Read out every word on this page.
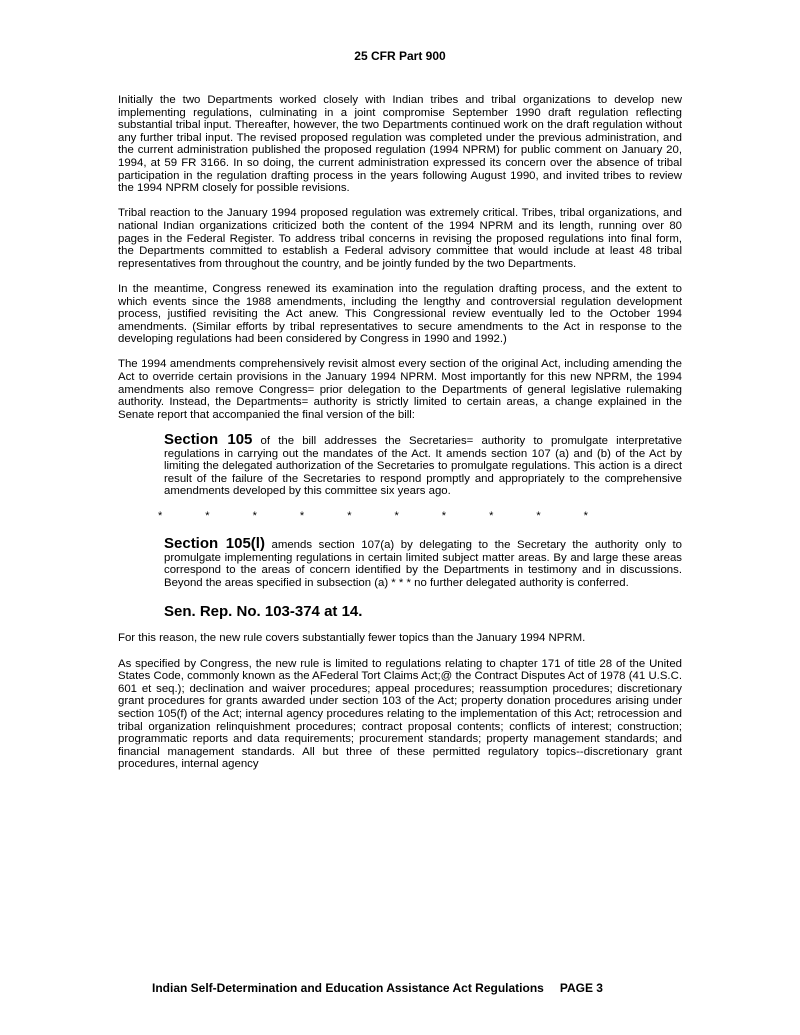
25 CFR Part 900

Initially the two Departments worked closely with Indian tribes and tribal organizations to develop new implementing regulations, culminating in a joint compromise September 1990 draft regulation reflecting substantial tribal input. Thereafter, however, the two Departments continued work on the draft regulation without any further tribal input. The revised proposed regulation was completed under the previous administration, and the current administration published the proposed regulation (1994 NPRM) for public comment on January 20, 1994, at 59 FR 3166. In so doing, the current administration expressed its concern over the absence of tribal participation in the regulation drafting process in the years following August 1990, and invited tribes to review the 1994 NPRM closely for possible revisions.

Tribal reaction to the January 1994 proposed regulation was extremely critical. Tribes, tribal organizations, and national Indian organizations criticized both the content of the 1994 NPRM and its length, running over 80 pages in the Federal Register. To address tribal concerns in revising the proposed regulations into final form, the Departments committed to establish a Federal advisory committee that would include at least 48 tribal representatives from throughout the country, and be jointly funded by the two Departments.

In the meantime, Congress renewed its examination into the regulation drafting process, and the extent to which events since the 1988 amendments, including the lengthy and controversial regulation development process, justified revisiting the Act anew. This Congressional review eventually led to the October 1994 amendments. (Similar efforts by tribal representatives to secure amendments to the Act in response to the developing regulations had been considered by Congress in 1990 and 1992.)

The 1994 amendments comprehensively revisit almost every section of the original Act, including amending the Act to override certain provisions in the January 1994 NPRM. Most importantly for this new NPRM, the 1994 amendments also remove Congress= prior delegation to the Departments of general legislative rulemaking authority. Instead, the Departments= authority is strictly limited to certain areas, a change explained in the Senate report that accompanied the final version of the bill:

Section 105 of the bill addresses the Secretaries= authority to promulgate interpretative regulations in carrying out the mandates of the Act. It amends section 107 (a) and (b) of the Act by limiting the delegated authorization of the Secretaries to promulgate regulations. This action is a direct result of the failure of the Secretaries to respond promptly and appropriately to the comprehensive amendments developed by this committee six years ago.

*	*	*	*	*	*	*	*	*	*

Section 105(l) amends section 107(a) by delegating to the Secretary the authority only to promulgate implementing regulations in certain limited subject matter areas. By and large these areas correspond to the areas of concern identified by the Departments in testimony and in discussions. Beyond the areas specified in subsection (a) * * * no further delegated authority is conferred.

Sen. Rep. No. 103-374 at 14.

For this reason, the new rule covers substantially fewer topics than the January 1994 NPRM.

As specified by Congress, the new rule is limited to regulations relating to chapter 171 of title 28 of the United States Code, commonly known as the AFederal Tort Claims Act;@ the Contract Disputes Act of 1978 (41 U.S.C. 601 et seq.); declination and waiver procedures; appeal procedures; reassumption procedures; discretionary grant procedures for grants awarded under section 103 of the Act; property donation procedures arising under section 105(f) of the Act; internal agency procedures relating to the implementation of this Act; retrocession and tribal organization relinquishment procedures; contract proposal contents; conflicts of interest; construction; programmatic reports and data requirements; procurement standards; property management standards; and financial management standards. All but three of these permitted regulatory topics--discretionary grant procedures, internal agency

Indian Self-Determination and Education Assistance Act Regulations PAGE 3
